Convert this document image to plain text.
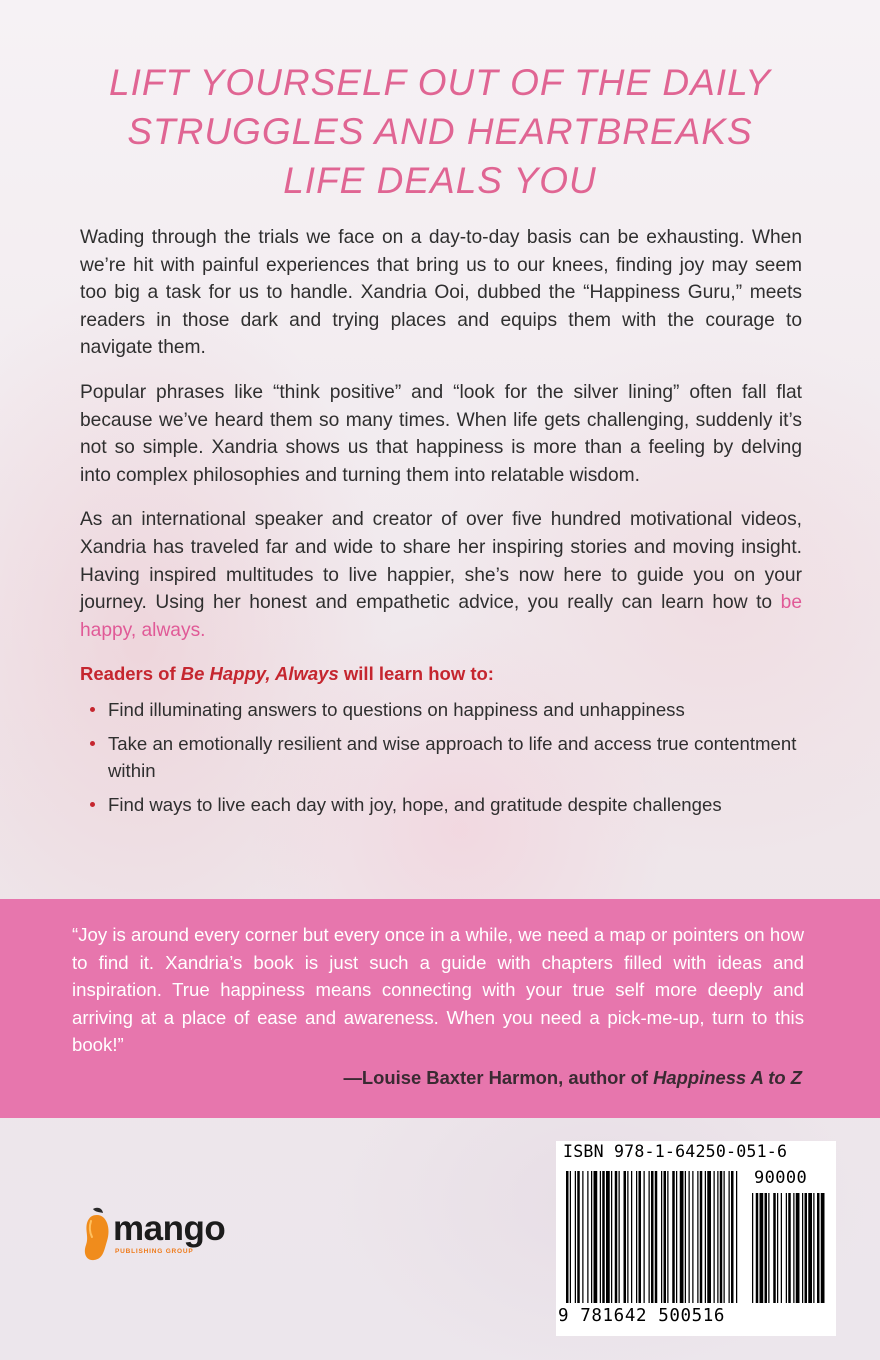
LIFT YOURSELF OUT OF THE DAILY
STRUGGLES AND HEARTBREAKS
LIFE DEALS YOU

Wading through the trials we face on a day-to-day basis can be exhausting. When we’re hit with painful experiences that bring us to our knees, finding joy may seem too big a task for us to handle. Xandria Ooi, dubbed the “Happiness Guru,” meets readers in those dark and trying places and equips them with the courage to navigate them.

Popular phrases like “think positive” and “look for the silver lining” often fall flat because we’ve heard them so many times. When life gets challenging, suddenly it’s not so simple. Xandria shows us that happiness is more than a feeling by delving into complex philosophies and turning them into relatable wisdom.

As an international speaker and creator of over five hundred motivational videos, Xandria has traveled far and wide to share her inspiring stories and moving insight. Having inspired multitudes to live happier, she’s now here to guide you on your journey. Using her honest and empathetic advice, you really can learn how to be happy, always.

Readers of Be Happy, Always will learn how to:
Find illuminating answers to questions on happiness and unhappiness
Take an emotionally resilient and wise approach to life and access true contentment within
Find ways to live each day with joy, hope, and gratitude despite challenges

“Joy is around every corner but every once in a while, we need a map or pointers on how to find it. Xandria’s book is just such a guide with chapters filled with ideas and inspiration. True happiness means connecting with your true self more deeply and arriving at a place of ease and awareness. When you need a pick-me-up, turn to this book!”

—Louise Baxter Harmon, author of Happiness A to Z

mango
PUBLISHING GROUP
ISBN 978-1-64250-051-6
90000
9 781642 500516
